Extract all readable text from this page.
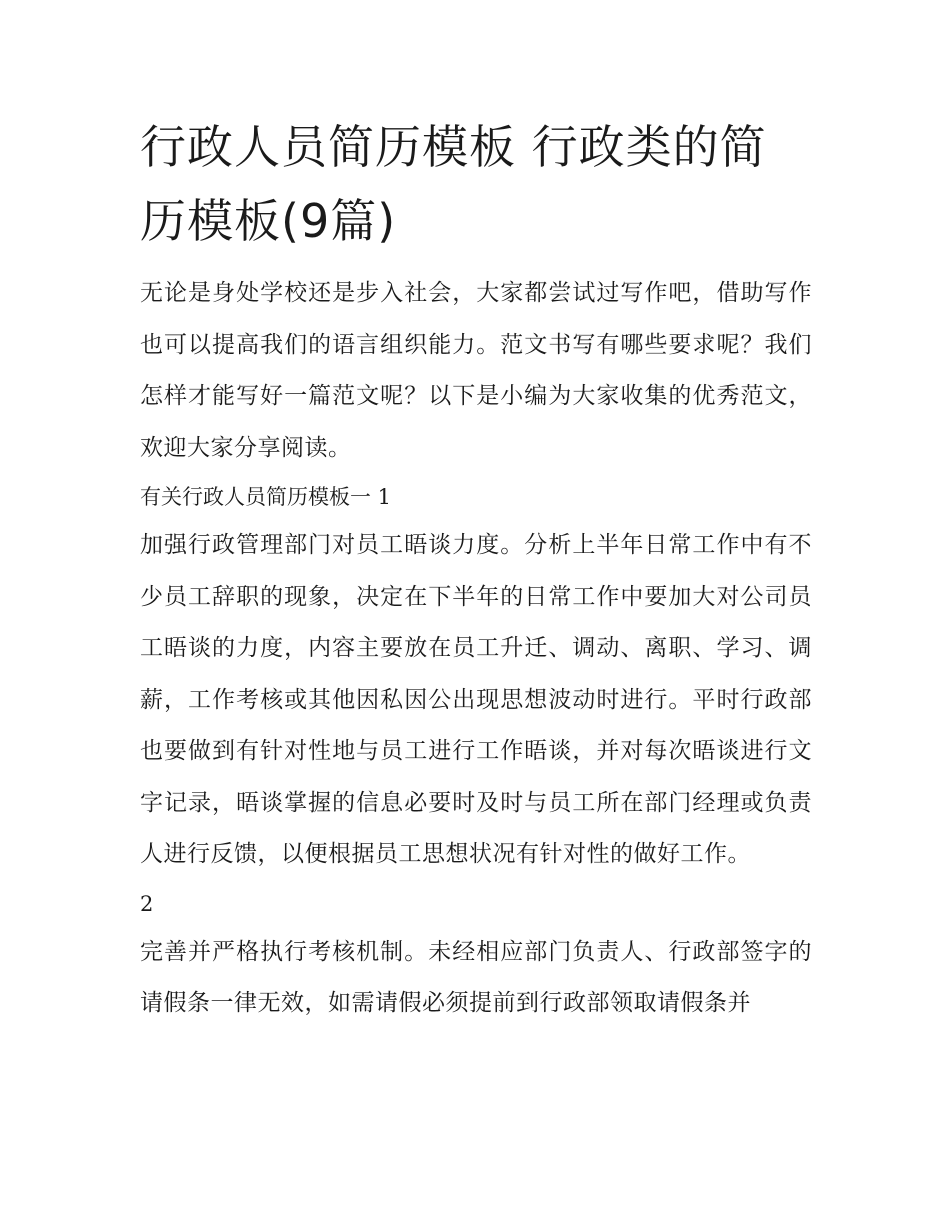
行政人员简历模板 行政类的简历模板(9篇)

无论是身处学校还是步入社会，大家都尝试过写作吧，借助写作也可以提高我们的语言组织能力。范文书写有哪些要求呢？我们怎样才能写好一篇范文呢？以下是小编为大家收集的优秀范文，欢迎大家分享阅读。

有关行政人员简历模板一 1

加强行政管理部门对员工晤谈力度。分析上半年日常工作中有不少员工辞职的现象，决定在下半年的日常工作中要加大对公司员工晤谈的力度，内容主要放在员工升迁、调动、离职、学习、调薪，工作考核或其他因私因公出现思想波动时进行。平时行政部也要做到有针对性地与员工进行工作晤谈，并对每次晤谈进行文字记录，晤谈掌握的信息必要时及时与员工所在部门经理或负责人进行反馈，以便根据员工思想状况有针对性的做好工作。

2

完善并严格执行考核机制。未经相应部门负责人、行政部签字的请假条一律无效，如需请假必须提前到行政部领取请假条并
